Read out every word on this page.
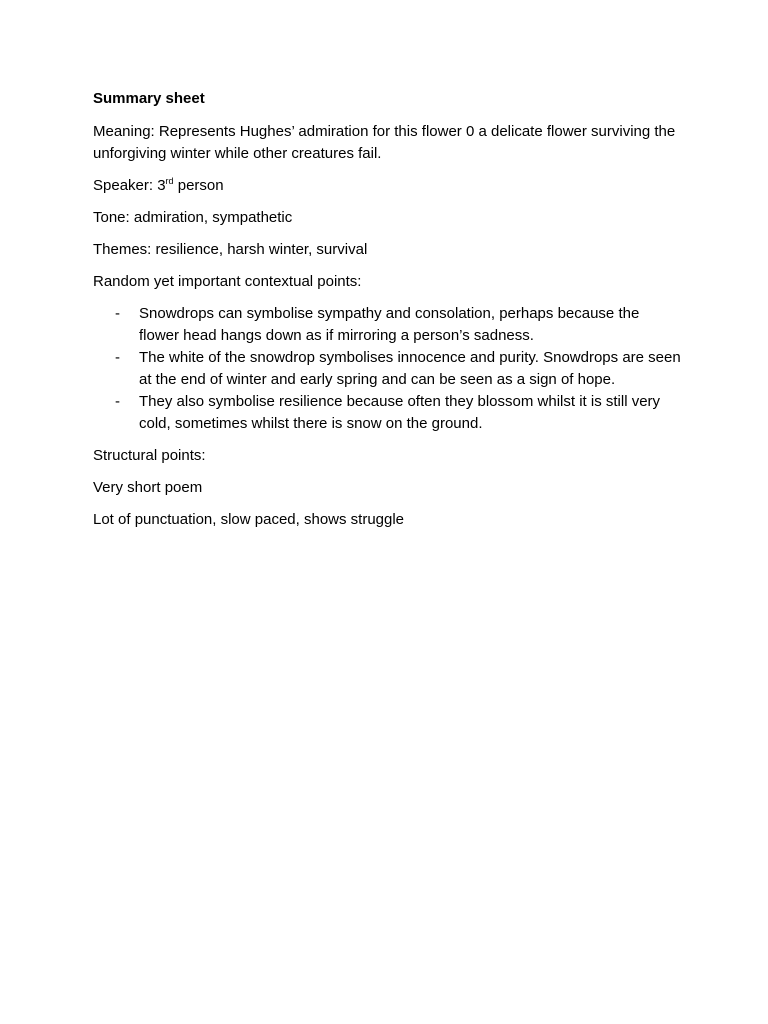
Summary sheet

Meaning: Represents Hughes’ admiration for this flower 0 a delicate flower surviving the unforgiving winter while other creatures fail.

Speaker: 3rd person

Tone: admiration, sympathetic

Themes: resilience, harsh winter, survival

Random yet important contextual points:

- Snowdrops can symbolise sympathy and consolation, perhaps because the flower head hangs down as if mirroring a person’s sadness.
- The white of the snowdrop symbolises innocence and purity. Snowdrops are seen at the end of winter and early spring and can be seen as a sign of hope.
- They also symbolise resilience because often they blossom whilst it is still very cold, sometimes whilst there is snow on the ground.

Structural points:

Very short poem

Lot of punctuation, slow paced, shows struggle
